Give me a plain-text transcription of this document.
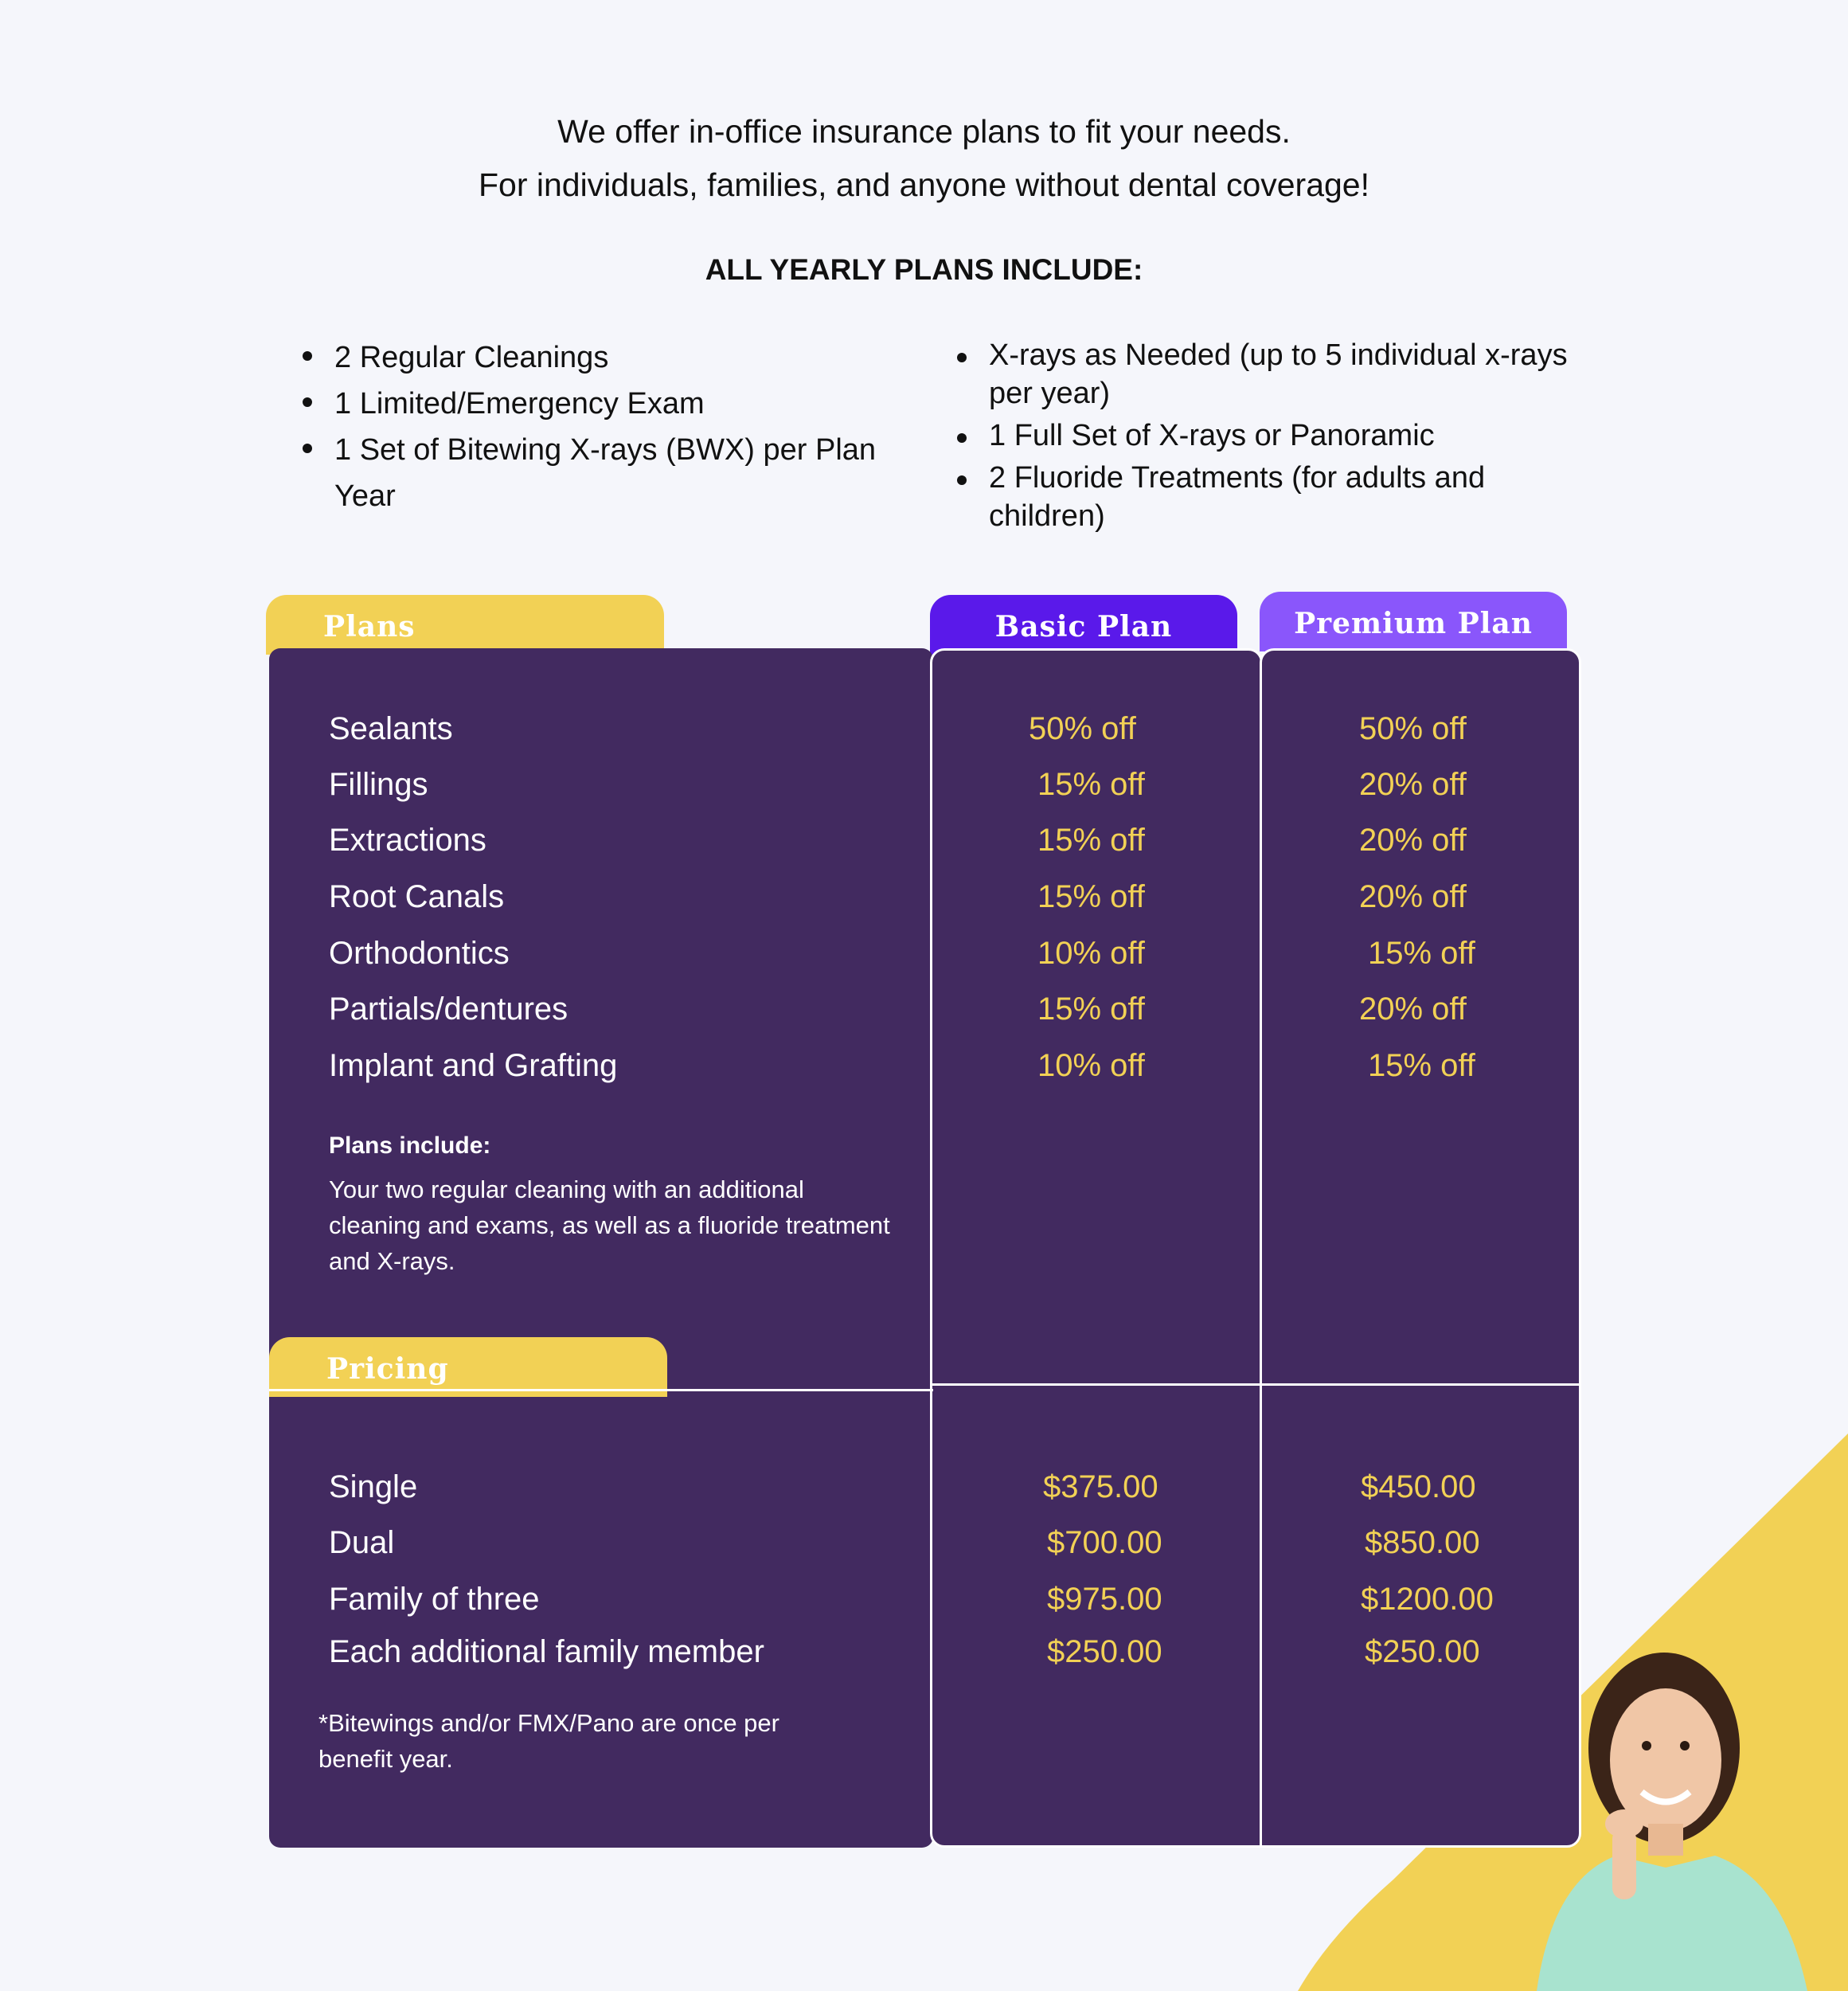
We offer in-office insurance plans to fit your needs.
For individuals, families, and anyone without dental coverage!
ALL YEARLY PLANS INCLUDE:
2 Regular Cleanings
1 Limited/Emergency Exam
1 Set of Bitewing X-rays (BWX) per Plan Year
X-rays as Needed (up to 5 individual x-rays per year)
1 Full Set of X-rays or Panoramic
2 Fluoride Treatments (for adults and children)
Plans	Basic Plan	Premium Plan
Pricing
Sealants
Fillings
Extractions
Root Canals
Orthodontics
Partials/dentures
Implant and Grafting
50% off
15% off
15% off
15% off
10% off
15% off
10% off
50% off
20% off
20% off
20% off
15% off
20% off
15% off
Plans include:
Your two regular cleaning with an additional cleaning and exams, as well as a fluoride treatment and X-rays.
Single
Dual
Family of three
Each additional family member
$375.00
$700.00
$975.00
$250.00
$450.00
$850.00
$1200.00
$250.00
*Bitewings and/or FMX/Pano are once per benefit year.
